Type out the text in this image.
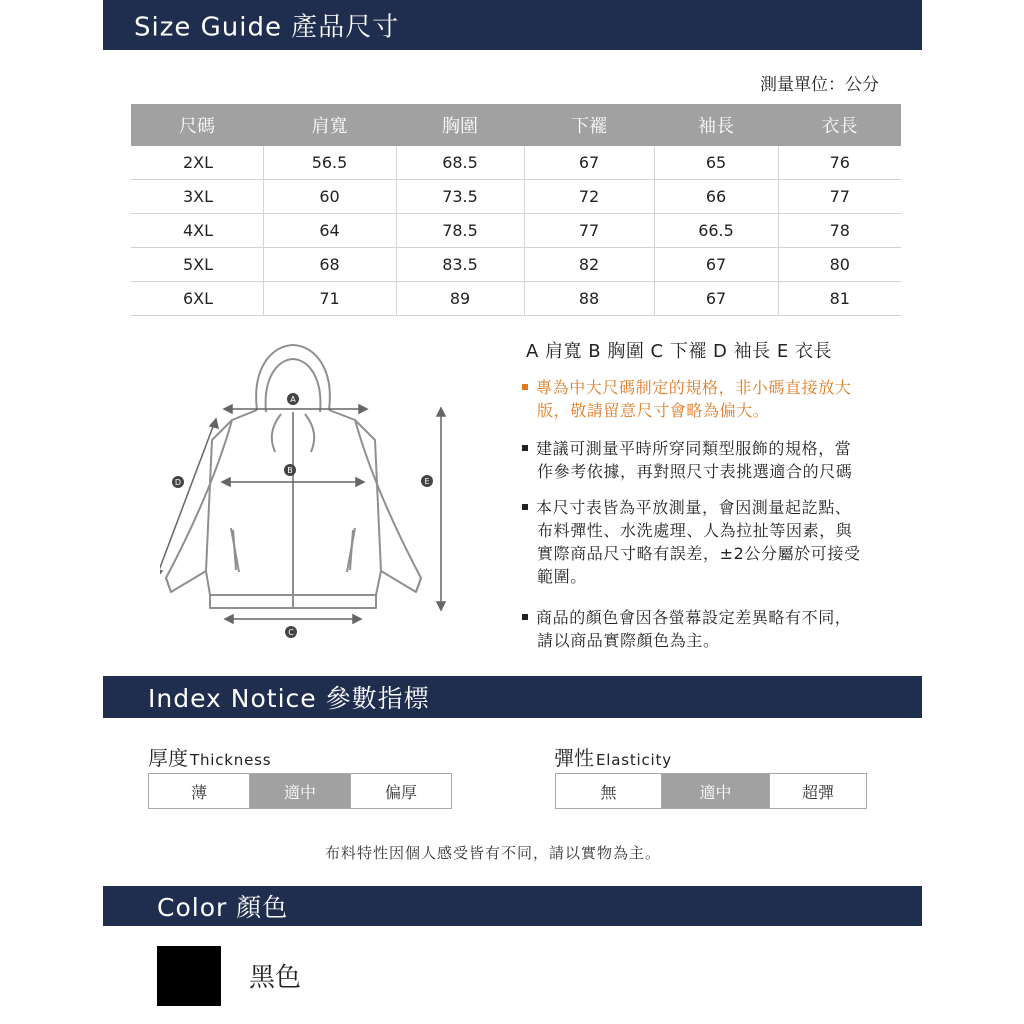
Size Guide 產品尺寸
測量單位：公分
尺碼	肩寬	胸圍	下襬	袖長	衣長
2XL	56.5	68.5	67	65	76
3XL	60	73.5	72	66	77
4XL	64	78.5	77	66.5	78
5XL	68	83.5	82	67	80
6XL	71	89	88	67	81
A
B
C
D	E
A 肩寬 B 胸圍 C 下襬 D 袖長 E 衣長
專為中大尺碼制定的規格，非小碼直接放大
版，敬請留意尺寸會略為偏大。
建議可測量平時所穿同類型服飾的規格，當
作參考依據，再對照尺寸表挑選適合的尺碼
本尺寸表皆為平放測量，會因測量起訖點、
布料彈性、水洗處理、人為拉扯等因素，與
實際商品尺寸略有誤差，±2公分屬於可接受
範圍。
商品的顏色會因各螢幕設定差異略有不同，
請以商品實際顏色為主。
Index Notice 參數指標
厚度 Thickness
薄	適中	偏厚
彈性 Elasticity
無	適中	超彈
布料特性因個人感受皆有不同，請以實物為主。
Color 顏色
黑色
